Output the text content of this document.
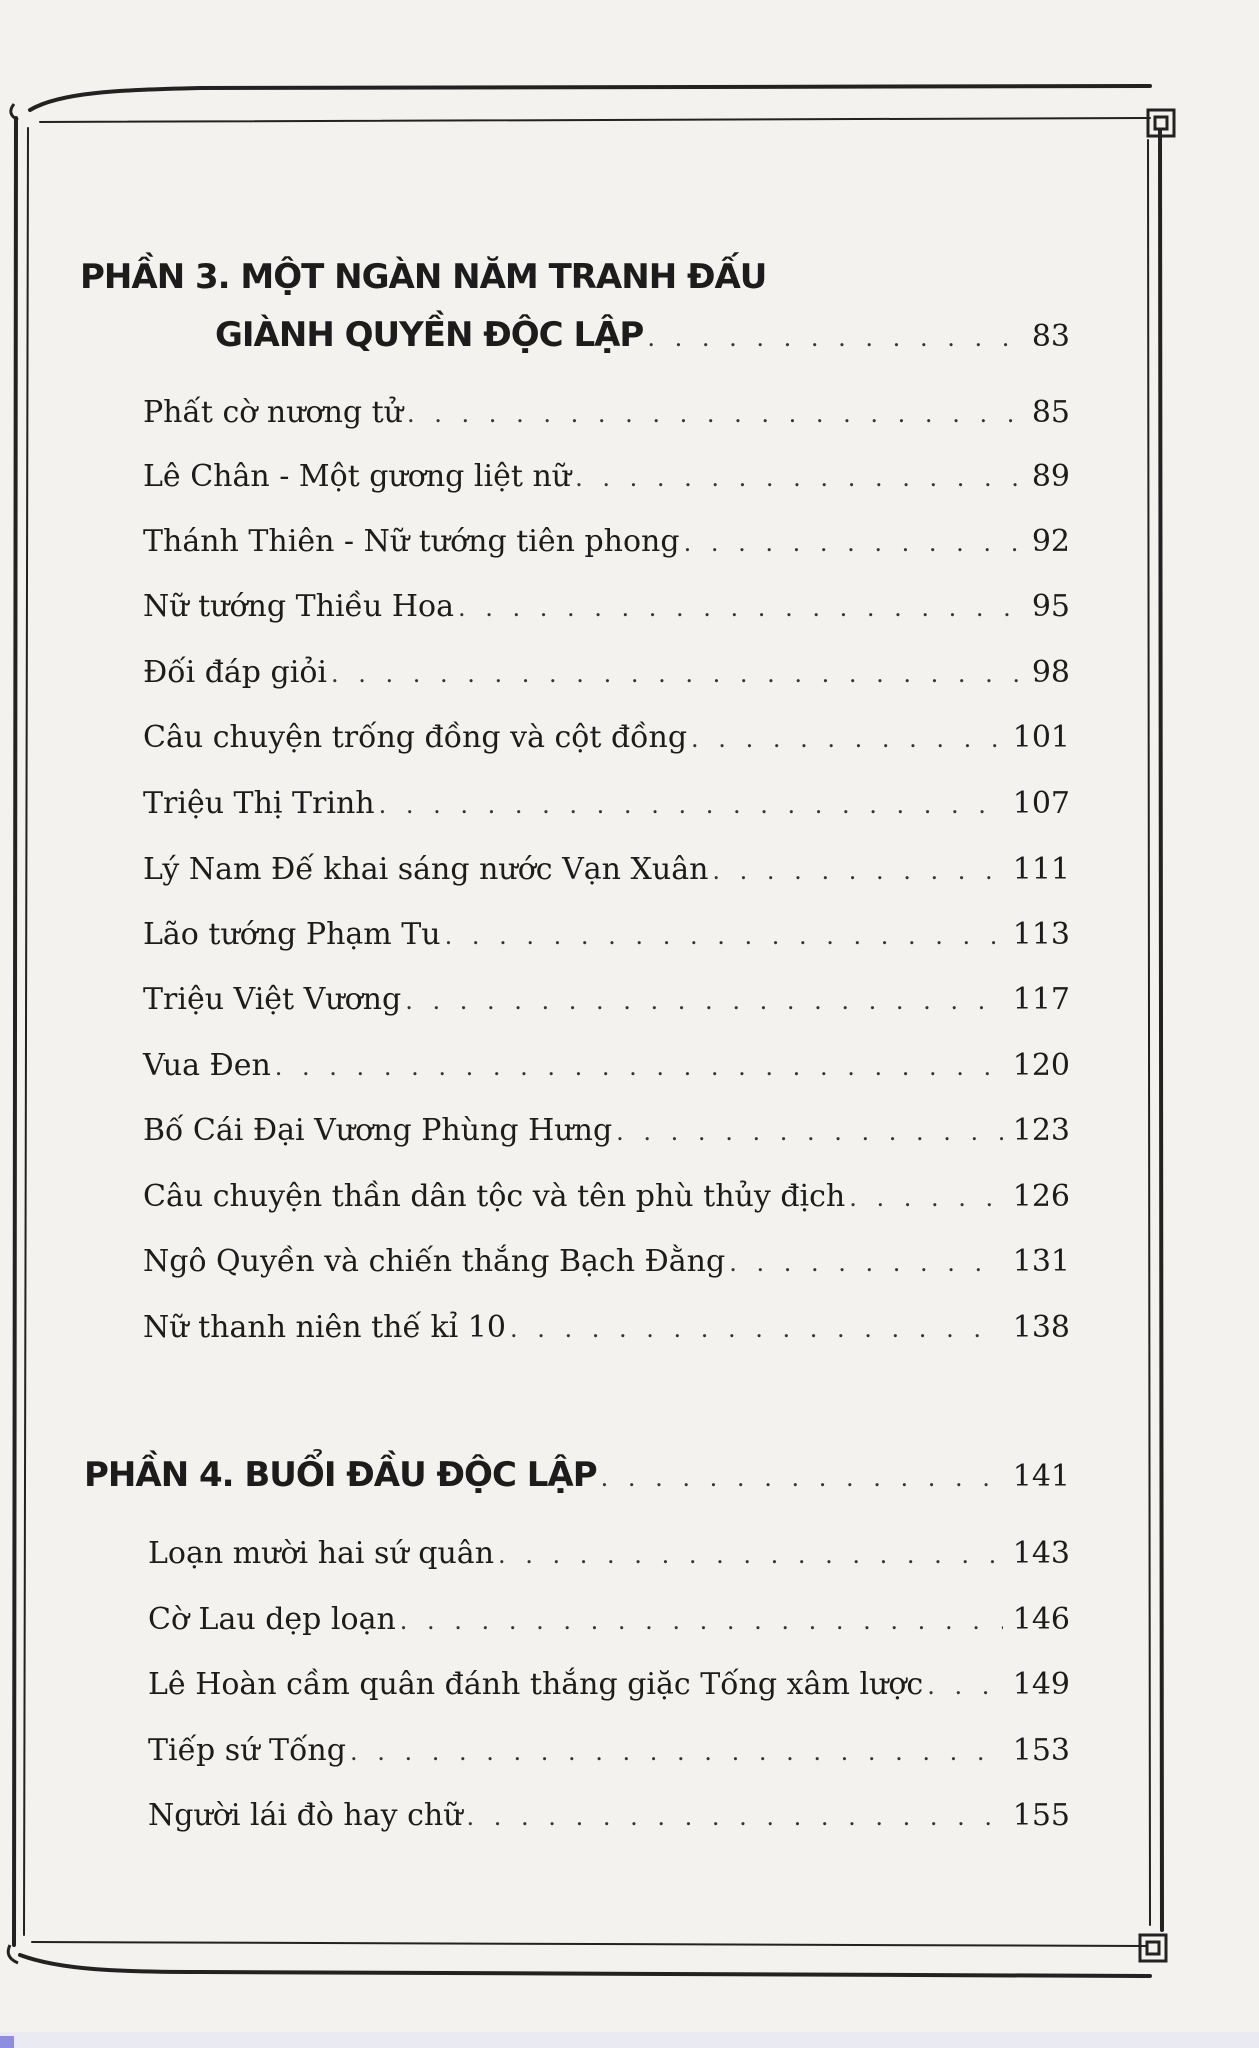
PHẦN 3. MỘT NGÀN NĂM TRANH ĐẤU
GIÀNH QUYỀN ĐỘC LẬP . . .	83
Phất cờ nương tử . . .	85
Lê Chân - Một gương liệt nữ . . .	89
Thánh Thiên - Nữ tướng tiên phong . . .	92
Nữ tướng Thiều Hoa . . .	95
Đối đáp giỏi . . .	98
Câu chuyện trống đồng và cột đồng . . .	101
Triệu Thị Trinh . . .	107
Lý Nam Đế khai sáng nước Vạn Xuân . . .	111
Lão tướng Phạm Tu . . .	113
Triệu Việt Vương . . .	117
Vua Đen . . .	120
Bố Cái Đại Vương Phùng Hưng . . .	123
Câu chuyện thần dân tộc và tên phù thủy địch . . .	126
Ngô Quyền và chiến thắng Bạch Đằng . . .	131
Nữ thanh niên thế kỉ 10 . . .	138
PHẦN 4. BUỔI ĐẦU ĐỘC LẬP . . .	141
Loạn mười hai sứ quân . . .	143
Cờ Lau dẹp loạn . . .	146
Lê Hoàn cầm quân đánh thắng giặc Tống xâm lược . . .	149
Tiếp sứ Tống . . .	153
Người lái đò hay chữ . . .	155
